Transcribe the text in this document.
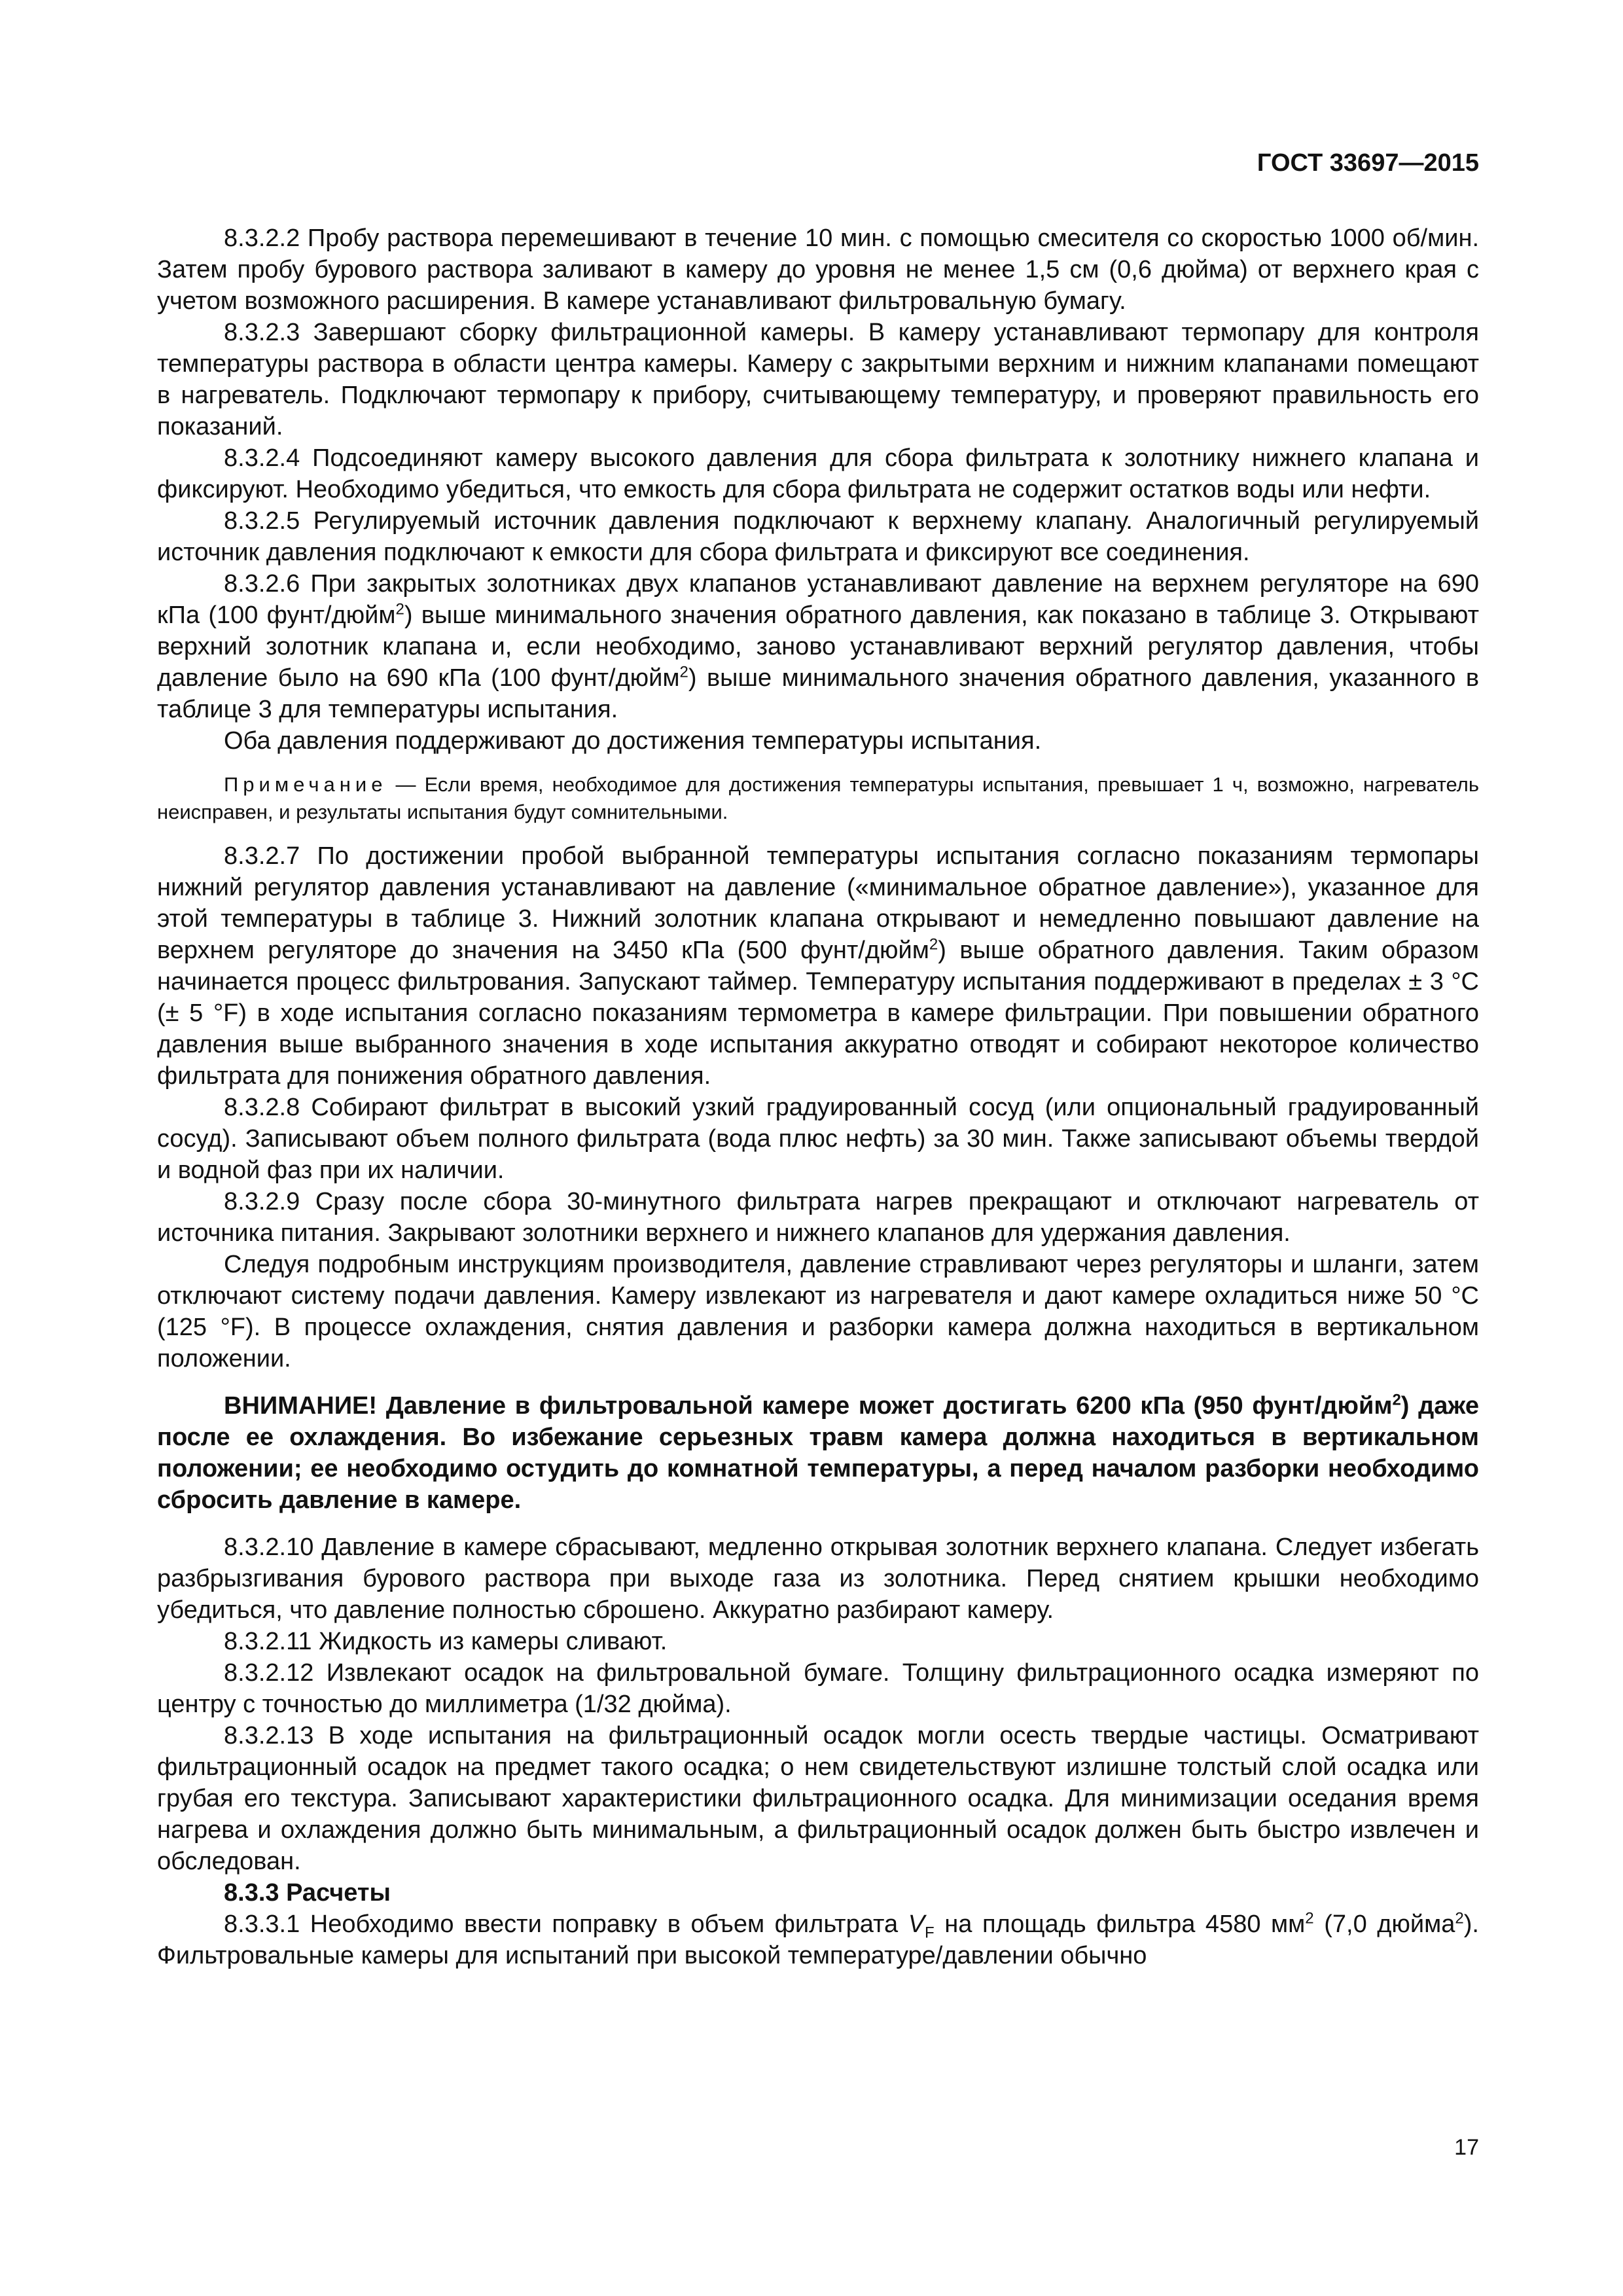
ГОСТ 33697—2015

8.3.2.2 Пробу раствора перемешивают в течение 10 мин. с помощью смесителя со скоростью 1000 об/мин. Затем пробу бурового раствора заливают в камеру до уровня не менее 1,5 см (0,6 дюйма) от верхнего края с учетом возможного расширения. В камере устанавливают фильтровальную бумагу.

8.3.2.3 Завершают сборку фильтрационной камеры. В камеру устанавливают термопару для контроля температуры раствора в области центра камеры. Камеру с закрытыми верхним и нижним клапанами помещают в нагреватель. Подключают термопару к прибору, считывающему температуру, и проверяют правильность его показаний.

8.3.2.4 Подсоединяют камеру высокого давления для сбора фильтрата к золотнику нижнего клапана и фиксируют. Необходимо убедиться, что емкость для сбора фильтрата не содержит остатков воды или нефти.

8.3.2.5 Регулируемый источник давления подключают к верхнему клапану. Аналогичный регулируемый источник давления подключают к емкости для сбора фильтрата и фиксируют все соединения.

8.3.2.6 При закрытых золотниках двух клапанов устанавливают давление на верхнем регуляторе на 690 кПа (100 фунт/дюйм$^2$) выше минимального значения обратного давления, как показано в таблице 3. Открывают верхний золотник клапана и, если необходимо, заново устанавливают верхний регулятор давления, чтобы давление было на 690 кПа (100 фунт/дюйм$^2$) выше минимального значения обратного давления, указанного в таблице 3 для температуры испытания.

Оба давления поддерживают до достижения температуры испытания.

Примечание — Если время, необходимое для достижения температуры испытания, превышает 1 ч, возможно, нагреватель неисправен, и результаты испытания будут сомнительными.

8.3.2.7 По достижении пробой выбранной температуры испытания согласно показаниям термопары нижний регулятор давления устанавливают на давление («минимальное обратное давление»), указанное для этой температуры в таблице 3. Нижний золотник клапана открывают и немедленно повышают давление на верхнем регуляторе до значения на 3450 кПа (500 фунт/дюйм$^2$) выше обратного давления. Таким образом начинается процесс фильтрования. Запускают таймер. Температуру испытания поддерживают в пределах ± 3 °С (± 5 °F) в ходе испытания согласно показаниям термометра в камере фильтрации. При повышении обратного давления выше выбранного значения в ходе испытания аккуратно отводят и собирают некоторое количество фильтрата для понижения обратного давления.

8.3.2.8 Собирают фильтрат в высокий узкий градуированный сосуд (или опциональный градуированный сосуд). Записывают объем полного фильтрата (вода плюс нефть) за 30 мин. Также записывают объемы твердой и водной фаз при их наличии.

8.3.2.9 Сразу после сбора 30-минутного фильтрата нагрев прекращают и отключают нагреватель от источника питания. Закрывают золотники верхнего и нижнего клапанов для удержания давления.

Следуя подробным инструкциям производителя, давление стравливают через регуляторы и шланги, затем отключают систему подачи давления. Камеру извлекают из нагревателя и дают камере охладиться ниже 50 °С (125 °F). В процессе охлаждения, снятия давления и разборки камера должна находиться в вертикальном положении.

ВНИМАНИЕ! Давление в фильтровальной камере может достигать 6200 кПа (950 фунт/дюйм$^2$) даже после ее охлаждения. Во избежание серьезных травм камера должна находиться в вертикальном положении; ее необходимо остудить до комнатной температуры, а перед началом разборки необходимо сбросить давление в камере.

8.3.2.10 Давление в камере сбрасывают, медленно открывая золотник верхнего клапана. Следует избегать разбрызгивания бурового раствора при выходе газа из золотника. Перед снятием крышки необходимо убедиться, что давление полностью сброшено. Аккуратно разбирают камеру.

8.3.2.11 Жидкость из камеры сливают.

8.3.2.12 Извлекают осадок на фильтровальной бумаге. Толщину фильтрационного осадка измеряют по центру с точностью до миллиметра (1/32 дюйма).

8.3.2.13 В ходе испытания на фильтрационный осадок могли осесть твердые частицы. Осматривают фильтрационный осадок на предмет такого осадка; о нем свидетельствуют излишне толстый слой осадка или грубая его текстура. Записывают характеристики фильтрационного осадка. Для минимизации оседания время нагрева и охлаждения должно быть минимальным, а фильтрационный осадок должен быть быстро извлечен и обследован.

8.3.3 Расчеты

8.3.3.1 Необходимо ввести поправку в объем фильтрата $V_F$ на площадь фильтра 4580 $мм^2$ (7,0 дюйма$^2$). Фильтровальные камеры для испытаний при высокой температуре/давлении обычно

17
